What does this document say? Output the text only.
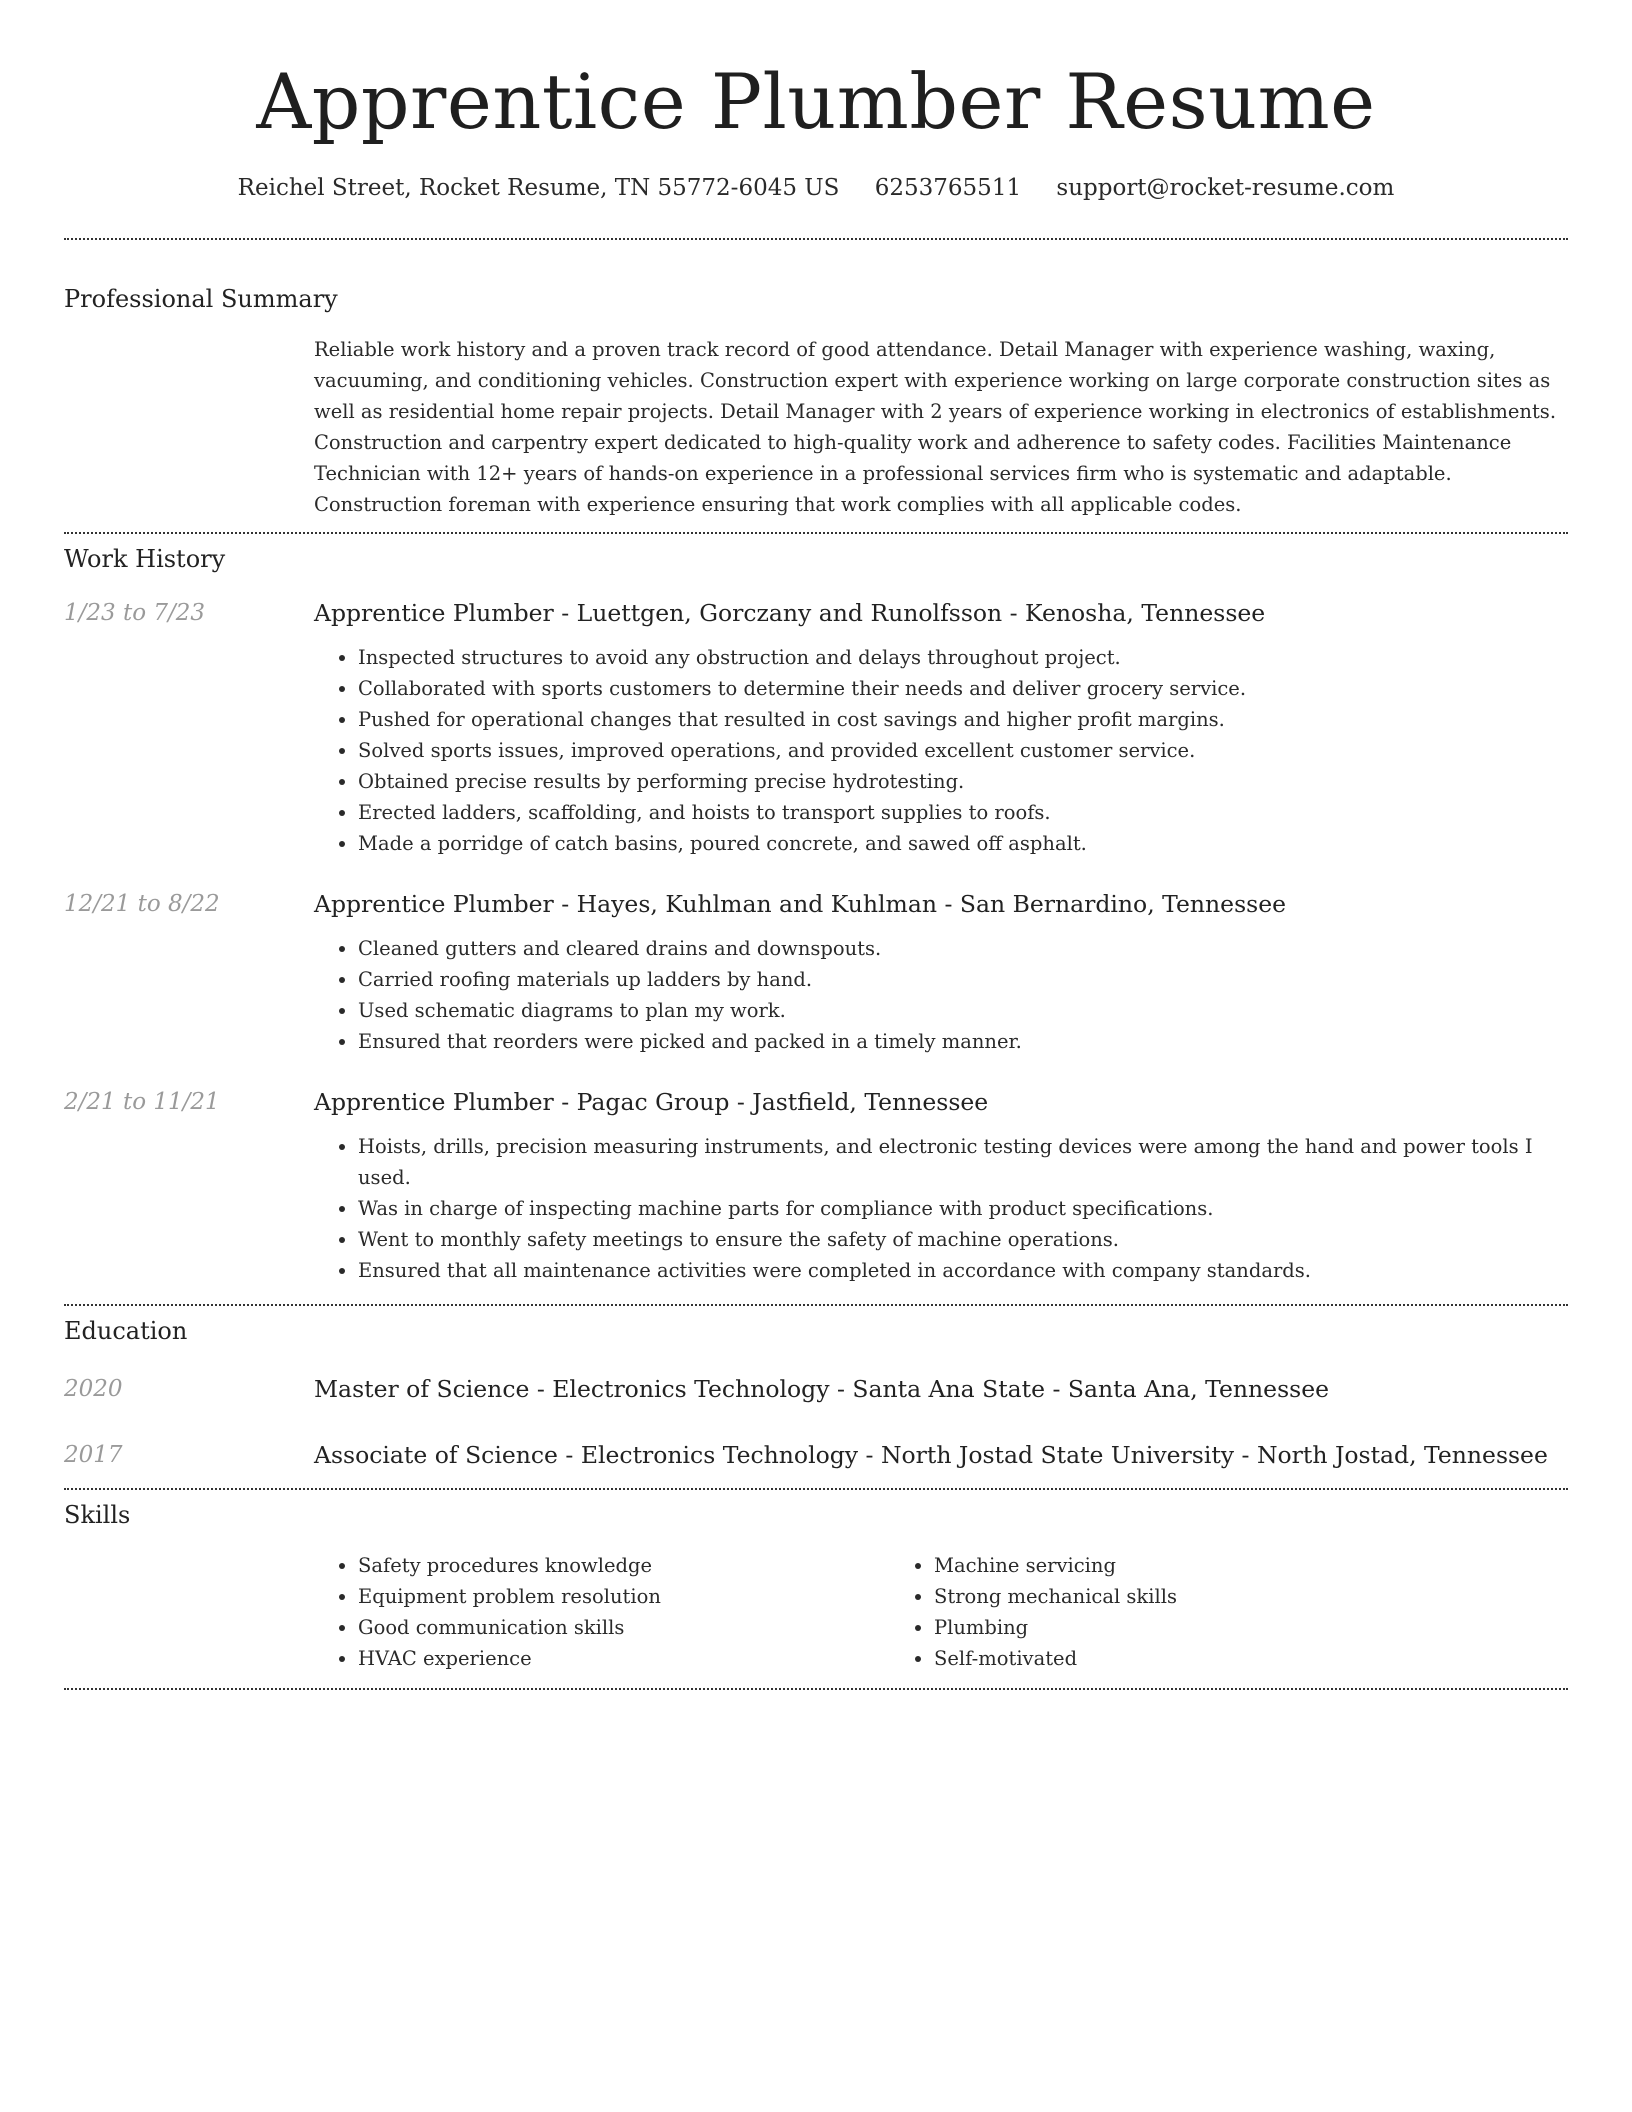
Apprentice Plumber Resume
Reichel Street, Rocket Resume, TN 55772-6045 US 6253765511 support@rocket-resume.com
Professional Summary
Reliable work history and a proven track record of good attendance. Detail Manager with experience washing, waxing, vacuuming, and conditioning vehicles. Construction expert with experience working on large corporate construction sites as well as residential home repair projects. Detail Manager with 2 years of experience working in electronics of establishments. Construction and carpentry expert dedicated to high-quality work and adherence to safety codes. Facilities Maintenance Technician with 12+ years of hands-on experience in a professional services firm who is systematic and adaptable. Construction foreman with experience ensuring that work complies with all applicable codes.
Work History
1/23 to 7/23	Apprentice Plumber - Luettgen, Gorczany and Runolfsson - Kenosha, Tennessee
• Inspected structures to avoid any obstruction and delays throughout project.
• Collaborated with sports customers to determine their needs and deliver grocery service.
• Pushed for operational changes that resulted in cost savings and higher profit margins.
• Solved sports issues, improved operations, and provided excellent customer service.
• Obtained precise results by performing precise hydrotesting.
• Erected ladders, scaffolding, and hoists to transport supplies to roofs.
• Made a porridge of catch basins, poured concrete, and sawed off asphalt.
12/21 to 8/22	Apprentice Plumber - Hayes, Kuhlman and Kuhlman - San Bernardino, Tennessee
• Cleaned gutters and cleared drains and downspouts.
• Carried roofing materials up ladders by hand.
• Used schematic diagrams to plan my work.
• Ensured that reorders were picked and packed in a timely manner.
2/21 to 11/21	Apprentice Plumber - Pagac Group - Jastfield, Tennessee
• Hoists, drills, precision measuring instruments, and electronic testing devices were among the hand and power tools I used.
• Was in charge of inspecting machine parts for compliance with product specifications.
• Went to monthly safety meetings to ensure the safety of machine operations.
• Ensured that all maintenance activities were completed in accordance with company standards.
Education
2020	Master of Science - Electronics Technology - Santa Ana State - Santa Ana, Tennessee
2017	Associate of Science - Electronics Technology - North Jostad State University - North Jostad, Tennessee
Skills
• Safety procedures knowledge
• Equipment problem resolution
• Good communication skills
• HVAC experience
• Machine servicing
• Strong mechanical skills
• Plumbing
• Self-motivated
